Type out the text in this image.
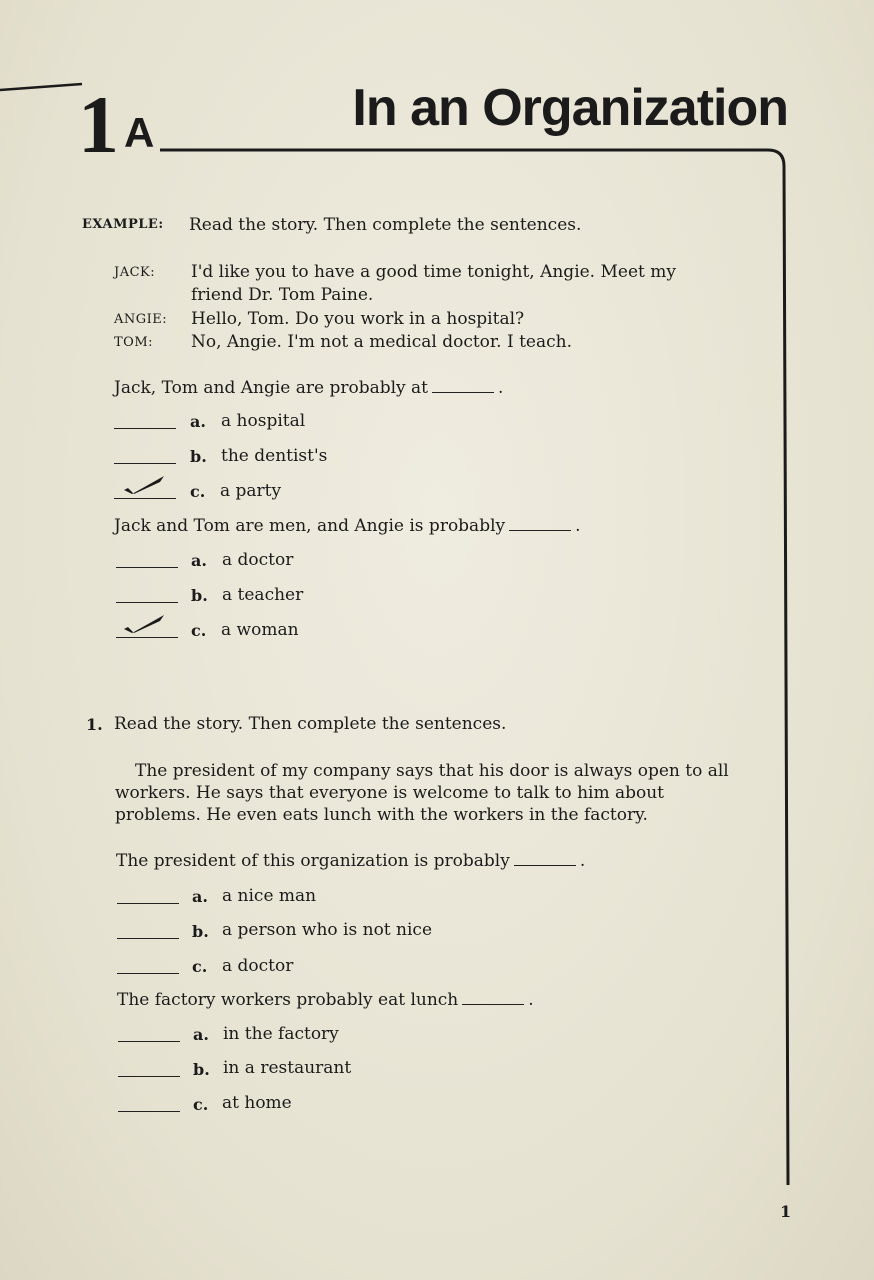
1 A	In an Organization
EXAMPLE: Read the story. Then complete the sentences.
JACK: I'd like you to have a good time tonight, Angie. Meet my
friend Dr. Tom Paine.
ANGIE: Hello, Tom. Do you work in a hospital?
TOM: No, Angie. I'm not a medical doctor. I teach.
Jack, Tom and Angie are probably at	.
a. a hospital
b. the dentist's
c. a party
Jack and Tom are men, and Angie is probably	.
a. a doctor
b. a teacher
c. a woman
1. Read the story. Then complete the sentences.
The president of my company says that his door is always open to all
workers. He says that everyone is welcome to talk to him about
problems. He even eats lunch with the workers in the factory.
The president of this organization is probably	.
a. a nice man
b. a person who is not nice
c. a doctor
The factory workers probably eat lunch	.
a. in the factory
b. in a restaurant
c. at home
1
